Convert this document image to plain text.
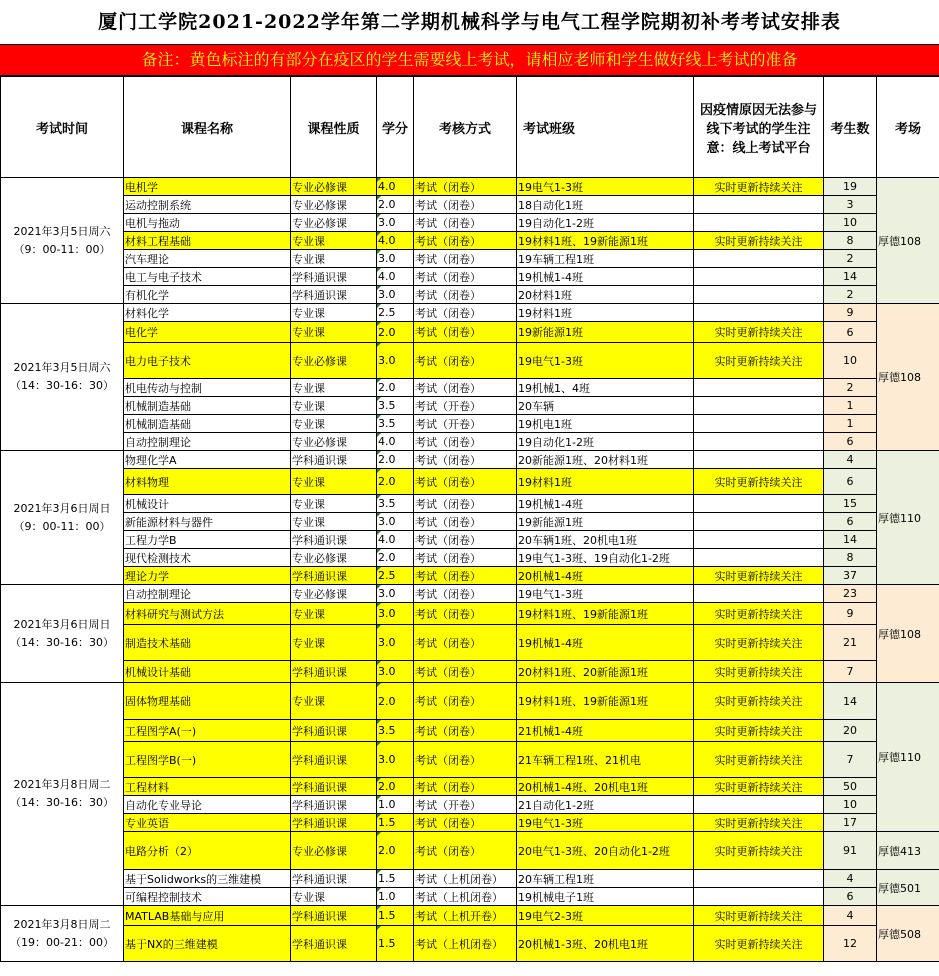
厦门工学院2021-2022学年第二学期机械科学与电气工程学院期初补考考试安排表
备注：黄色标注的有部分在疫区的学生需要线上考试，请相应老师和学生做好线上考试的准备
考试时间	课程名称	课程性质	学分	考核方式	考试班级	因疫情原因无法参与线下考试的学生注意：线上考试平台	考生数	考场

2021年3月5日周六
（9：00-11：00）	电机学	专业必修课	4.0	考试（闭卷）	19电气1-3班	实时更新持续关注	19	厚德108
	运动控制系统	专业必修课	2.0	考试（闭卷）	18自动化1班		3	
	电机与拖动	专业必修课	3.0	考试（闭卷）	19自动化1-2班		10	
	材料工程基础	专业课	4.0	考试（闭卷）	19材料1班、19新能源1班	实时更新持续关注	8	
	汽车理论	专业课	3.0	考试（闭卷）	19车辆工程1班		2	
	电工与电子技术	学科通识课	4.0	考试（闭卷）	19机械1-4班		14	
	有机化学	学科通识课	3.0	考试（闭卷）	20材料1班		2	

2021年3月5日周六
（14：30-16：30）	材料化学	专业课	2.5	考试（闭卷）	19材料1班		9	厚德108
	电化学	专业课	2.0	考试（闭卷）	19新能源1班	实时更新持续关注	6	
	电力电子技术	专业必修课	3.0	考试（闭卷）	19电气1-3班	实时更新持续关注	10	
	机电传动与控制	专业课	2.0	考试（闭卷）	19机械1、4班		2	
	机械制造基础	专业课	3.5	考试（开卷）	20车辆		1	
	机械制造基础	专业课	3.5	考试（开卷）	19机电1班		1	
	自动控制理论	专业必修课	4.0	考试（闭卷）	19自动化1-2班		6	

2021年3月6日周日
（9：00-11：00）	物理化学A	学科通识课	2.0	考试（闭卷）	20新能源1班、20材料1班		4	厚德110
	材料物理	专业课	2.0	考试（闭卷）	19材料1班	实时更新持续关注	6	
	机械设计	专业课	3.5	考试（闭卷）	19机械1-4班		15	
	新能源材料与器件	专业课	3.0	考试（闭卷）	19新能源1班		6	
	工程力学B	学科通识课	4.0	考试（闭卷）	20车辆1班、20机电1班		14	
	现代检测技术	专业必修课	2.0	考试（闭卷）	19电气1-3班、19自动化1-2班		8	
	理论力学	学科通识课	2.5	考试（闭卷）	20机械1-4班	实时更新持续关注	37	

2021年3月6日周日
（14：30-16：30）	自动控制理论	专业必修课	3.0	考试（闭卷）	19电气1-3班		23	厚德108
	材料研究与测试方法	专业课	3.0	考试（闭卷）	19材料1班、19新能源1班	实时更新持续关注	9	
	制造技术基础	专业课	3.0	考试（闭卷）	19机械1-4班	实时更新持续关注	21	
	机械设计基础	学科通识课	3.0	考试（闭卷）	20材料1班、20新能源1班	实时更新持续关注	7	

2021年3月8日周二
（14：30-16：30）	固体物理基础	专业课	2.0	考试（闭卷）	19材料1班、19新能源1班	实时更新持续关注	14	厚德110
	工程图学A(一)	学科通识课	3.5	考试（闭卷）	21机械1-4班	实时更新持续关注	20	
	工程图学B(一)	学科通识课	3.0	考试（闭卷）	21车辆工程1班、21机电	实时更新持续关注	7	
	工程材料	学科通识课	2.0	考试（闭卷）	20机械1-4班、20机电1班	实时更新持续关注	50	
	自动化专业导论	学科通识课	1.0	考试（开卷）	21自动化1-2班		10	
	专业英语	学科通识课	1.5	考试（闭卷）	19电气1-3班	实时更新持续关注	17	
	电路分析（2）	专业必修课	2.0	考试（闭卷）	20电气1-3班、20自动化1-2班	实时更新持续关注	91	厚德413
	基于Solidworks的三维建模	学科通识课	1.5	考试（上机闭卷）	20车辆工程1班		4	厚德501
	可编程控制技术	专业课	1.0	考试（上机闭卷）	19机械电子1班		6	

2021年3月8日周二
（19：00-21：00）	MATLAB基础与应用	学科通识课	1.5	考试（上机开卷）	19电气2-3班	实时更新持续关注	4	厚德508
	基于NX的三维建模	学科通识课	1.5	考试（上机闭卷）	20机械1-3班、20机电1班	实时更新持续关注	12	
